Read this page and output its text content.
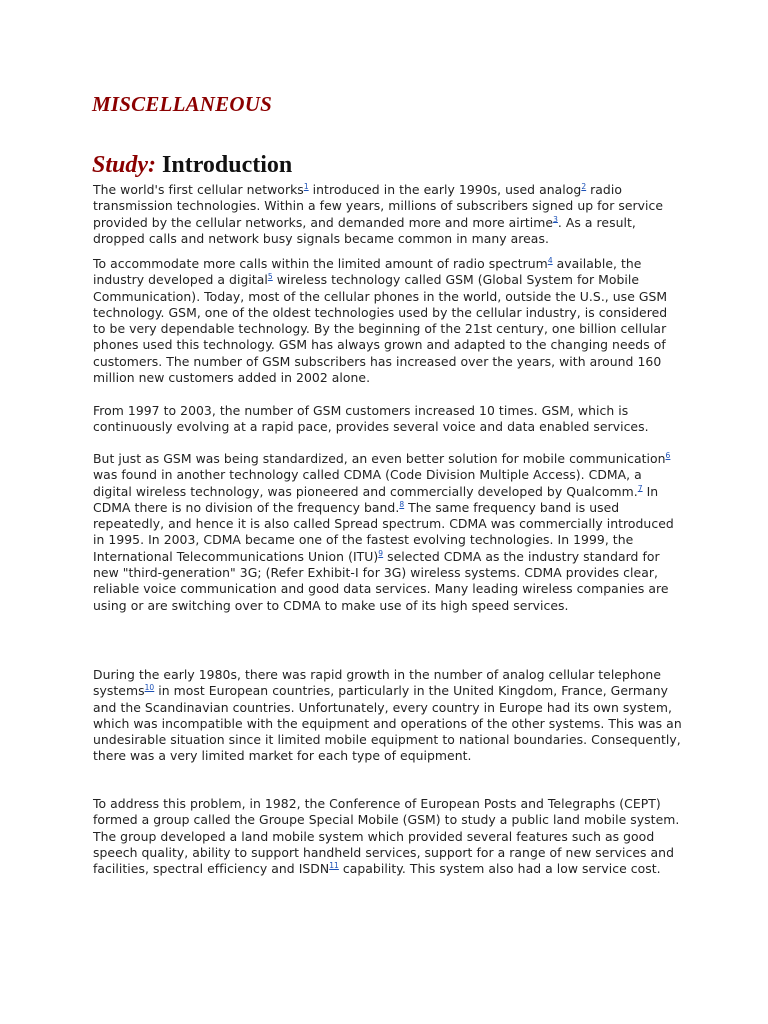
MISCELLANEOUS
Study: Introduction

The world's first cellular networks$^1$ introduced in the early 1990s, used analog$^2$ radio transmission technologies. Within a few years, millions of subscribers signed up for service provided by the cellular networks, and demanded more and more airtime$^3$. As a result, dropped calls and network busy signals became common in many areas.

To accommodate more calls within the limited amount of radio spectrum$^4$ available, the industry developed a digital$^5$ wireless technology called GSM (Global System for Mobile Communication). Today, most of the cellular phones in the world, outside the U.S., use GSM technology. GSM, one of the oldest technologies used by the cellular industry, is considered to be very dependable technology. By the beginning of the 21st century, one billion cellular phones used this technology. GSM has always grown and adapted to the changing needs of customers. The number of GSM subscribers has increased over the years, with around 160 million new customers added in 2002 alone.

From 1997 to 2003, the number of GSM customers increased 10 times. GSM, which is continuously evolving at a rapid pace, provides several voice and data enabled services.

But just as GSM was being standardized, an even better solution for mobile communication$^6$ was found in another technology called CDMA (Code Division Multiple Access). CDMA, a digital wireless technology, was pioneered and commercially developed by Qualcomm.$^7$ In CDMA there is no division of the frequency band.$^8$ The same frequency band is used repeatedly, and hence it is also called Spread spectrum. CDMA was commercially introduced in 1995. In 2003, CDMA became one of the fastest evolving technologies. In 1999, the International Telecommunications Union (ITU)$^9$ selected CDMA as the industry standard for new "third-generation" 3G; (Refer Exhibit-I for 3G) wireless systems. CDMA provides clear, reliable voice communication and good data services. Many leading wireless companies are using or are switching over to CDMA to make use of its high speed services.

During the early 1980s, there was rapid growth in the number of analog cellular telephone systems$^{10}$ in most European countries, particularly in the United Kingdom, France, Germany and the Scandinavian countries. Unfortunately, every country in Europe had its own system, which was incompatible with the equipment and operations of the other systems. This was an undesirable situation since it limited mobile equipment to national boundaries. Consequently, there was a very limited market for each type of equipment.

To address this problem, in 1982, the Conference of European Posts and Telegraphs (CEPT) formed a group called the Groupe Special Mobile (GSM) to study a public land mobile system. The group developed a land mobile system which provided several features such as good speech quality, ability to support handheld services, support for a range of new services and facilities, spectral efficiency and ISDN$^{11}$ capability. This system also had a low service cost.
